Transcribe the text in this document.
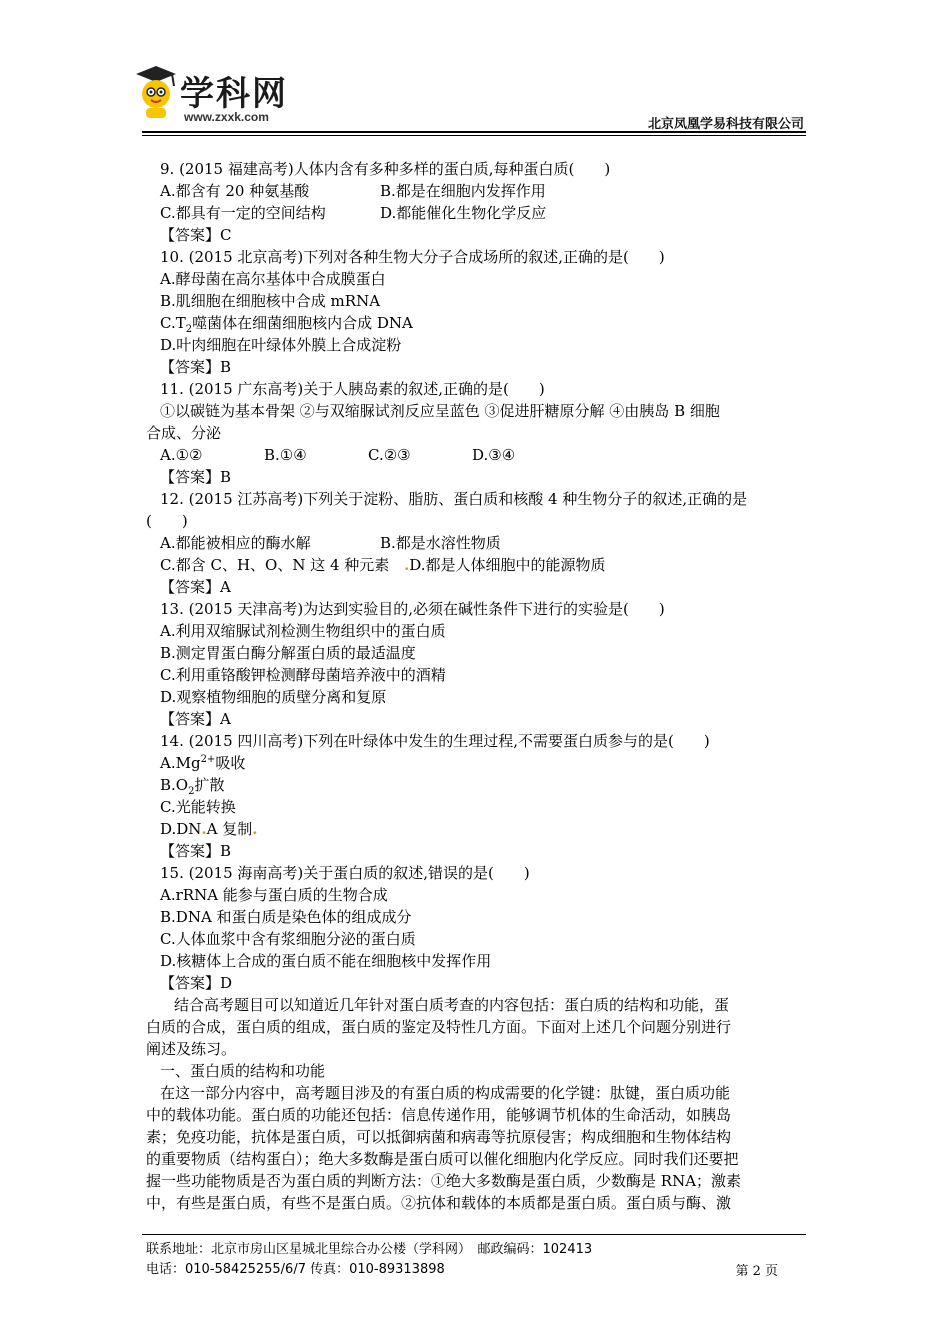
学科网
www.zxxk.com	北京凤凰学易科技有限公司
9. (2015 福建高考)人体内含有多种多样的蛋白质,每种蛋白质(　　)
A.都含有 20 种氨基酸	B.都是在细胞内发挥作用
C.都具有一定的空间结构	D.都能催化生物化学反应
【答案】C
10. (2015 北京高考)下列对各种生物大分子合成场所的叙述,正确的是(　　)
A.酵母菌在高尔基体中合成膜蛋白
B.肌细胞在细胞核中合成 mRNA
$C.T_2$噬菌体在细菌细胞核内合成 DNA
D.叶肉细胞在叶绿体外膜上合成淀粉
【答案】B
11. (2015 广东高考)关于人胰岛素的叙述,正确的是(　　)
①以碳链为基本骨架 ②与双缩脲试剂反应呈蓝色 ③促进肝糖原分解 ④由胰岛 B 细胞
合成、分泌
A.①②	B.①④	C.②③	D.③④
【答案】B
12. (2015 江苏高考)下列关于淀粉、脂肪、蛋白质和核酸 4 种生物分子的叙述,正确的是
(　　)
A.都能被相应的酶水解	B.都是水溶性物质
C.都含 C、H、O、N 这 4 种元素 .D.都是人体细胞中的能源物质
【答案】A
13. (2015 天津高考)为达到实验目的,必须在碱性条件下进行的实验是(　　)
A.利用双缩脲试剂检测生物组织中的蛋白质
B.测定胃蛋白酶分解蛋白质的最适温度
C.利用重铬酸钾检测酵母菌培养液中的酒精
D.观察植物细胞的质壁分离和复原
【答案】A
14. (2015 四川高考)下列在叶绿体中发生的生理过程,不需要蛋白质参与的是(　　)
$A.Mg^{2+}$吸收
$B.O_2$扩散
C.光能转换
D.DN.A 复制.
【答案】B
15. (2015 海南高考)关于蛋白质的叙述,错误的是(　　)
A.rRNA 能参与蛋白质的生物合成
B.DNA 和蛋白质是染色体的组成成分
C.人体血浆中含有浆细胞分泌的蛋白质
D.核糖体上合成的蛋白质不能在细胞核中发挥作用
【答案】D
结合高考题目可以知道近几年针对蛋白质考查的内容包括：蛋白质的结构和功能，蛋
白质的合成，蛋白质的组成，蛋白质的鉴定及特性几方面。下面对上述几个问题分别进行
阐述及练习。
一、蛋白质的结构和功能
在这一部分内容中，高考题目涉及的有蛋白质的构成需要的化学键：肽键，蛋白质功能
中的载体功能。蛋白质的功能还包括：信息传递作用，能够调节机体的生命活动，如胰岛
素；免疫功能，抗体是蛋白质，可以抵御病菌和病毒等抗原侵害；构成细胞和生物体结构
的重要物质（结构蛋白）；绝大多数酶是蛋白质可以催化细胞内化学反应。同时我们还要把
握一些功能物质是否为蛋白质的判断方法：①绝大多数酶是蛋白质，少数酶是 RNA；激素
中，有些是蛋白质，有些不是蛋白质。②抗体和载体的本质都是蛋白质。蛋白质与酶、激
联系地址：北京市房山区星城北里综合办公楼（学科网）　邮政编码：102413
电话：010-58425255/6/7 传真：010-89313898	第 2 页
